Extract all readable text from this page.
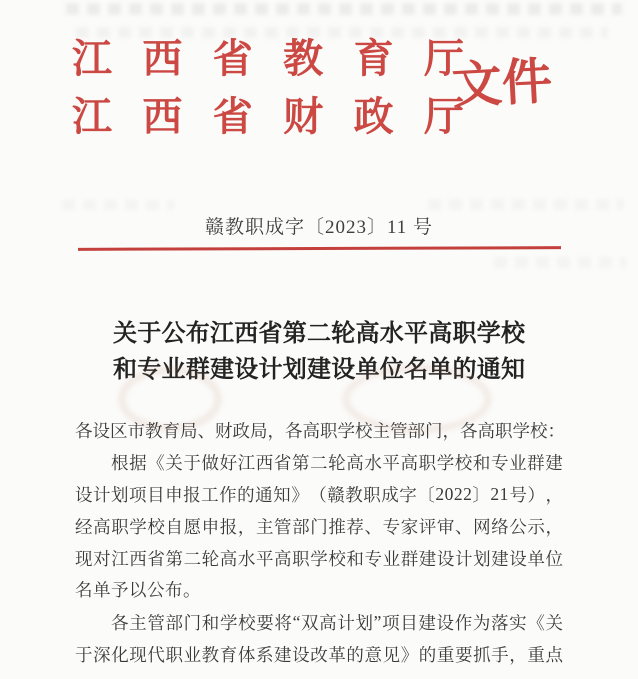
江 西 省 教 育 厅
江 西 省 财 政 厅
文件
赣教职成字〔2023〕11 号
关 于 公 布 江 西 省 第 二 轮 高 水 平 高 职 学 校
和 专 业 群 建 设 计 划 建 设 单 位 名 单 的 通 知
各 设 区 市 教 育 局 、 财 政 局 ， 各 高 职 学 校 主 管 部 门 ， 各 高 职 学 校 ：
根 据 《 关 于 做 好 江 西 省 第 二 轮 高 水 平 高 职 学 校 和 专 业 群 建
设 计 划 项 目 申 报 工 作 的 通 知 》 （ 赣 教 职 成 字 〔 2 0 2 2 〕 2 1 号 ） ，
经 高 职 学 校 自 愿 申 报 ， 主 管 部 门 推 荐 、 专 家 评 审 、 网 络 公 示 ，
现 对 江 西 省 第 二 轮 高 水 平 高 职 学 校 和 专 业 群 建 设 计 划 建 设 单 位
名单予以公布。
各 主 管 部 门 和 学 校 要 将 “ 双 高 计 划 ” 项 目 建 设 作 为 落 实 《 关
于 深 化 现 代 职 业 教 育 体 系 建 设 改 革 的 意 见 》 的 重 要 抓 手 ， 重 点
